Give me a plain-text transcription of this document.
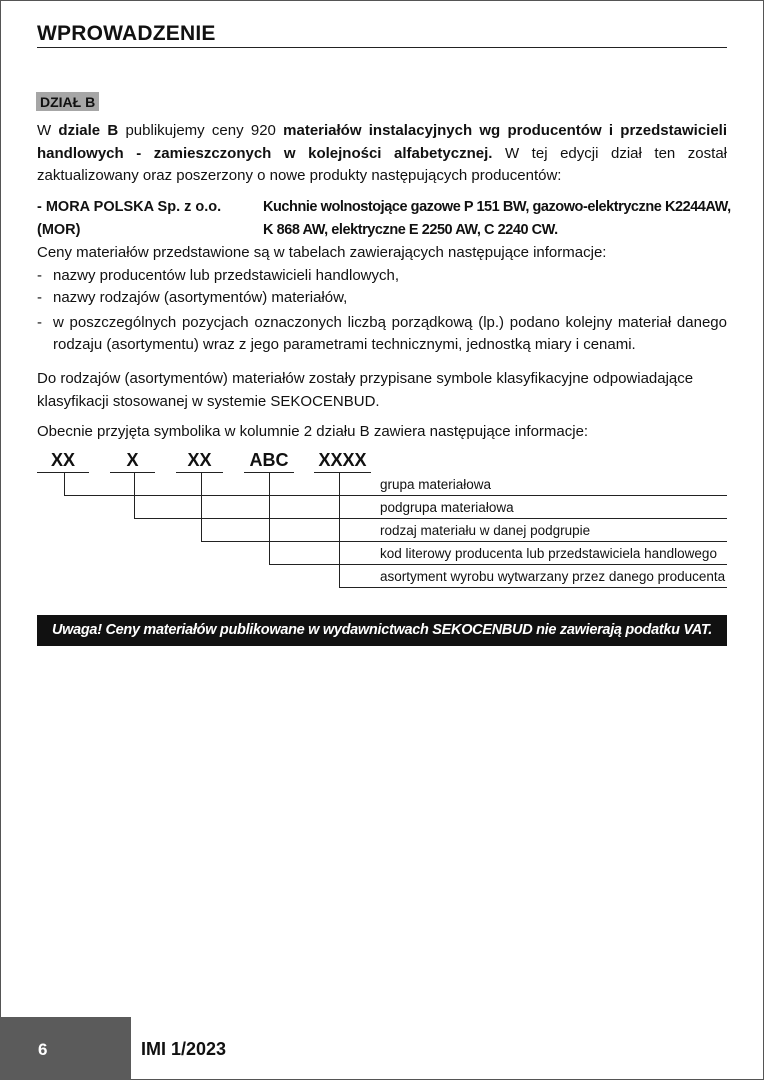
WPROWADZENIE
DZIAŁ B
W dziale B publikujemy ceny 920 materiałów instalacyjnych wg producentów i przedstawicieli handlowych - zamieszczonych w kolejności alfabetycznej. W tej edycji dział ten został zaktualizowany oraz poszerzony o nowe produkty następujących producentów:
- MORA POLSKA Sp. z o.o. (MOR)
Kuchnie wolnostojące gazowe P 151 BW, gazowo-elektryczne K2244AW,
K 868 AW, elektryczne E 2250 AW, C 2240 CW.
Ceny materiałów przedstawione są w tabelach zawierających następujące informacje:
- nazwy producentów lub przedstawicieli handlowych,
- nazwy rodzajów (asortymentów) materiałów,
- w poszczególnych pozycjach oznaczonych liczbą porządkową (lp.) podano kolejny materiał danego rodzaju (asortymentu) wraz z jego parametrami technicznymi, jednostką miary i cenami.
Do rodzajów (asortymentów) materiałów zostały przypisane symbole klasyfikacyjne odpowiadające klasyfikacji stosowanej w systemie SEKOCENBUD.
Obecnie przyjęta symbolika w kolumnie 2 działu B zawiera następujące informacje:
XX	X	XX	ABC	XXXX
grupa materiałowa
podgrupa materiałowa
rodzaj materiału w danej podgrupie
kod literowy producenta lub przedstawiciela handlowego
asortyment wyrobu wytwarzany przez danego producenta
Uwaga! Ceny materiałów publikowane w wydawnictwach SEKOCENBUD nie zawierają podatku VAT.
6	IMI 1/2023
